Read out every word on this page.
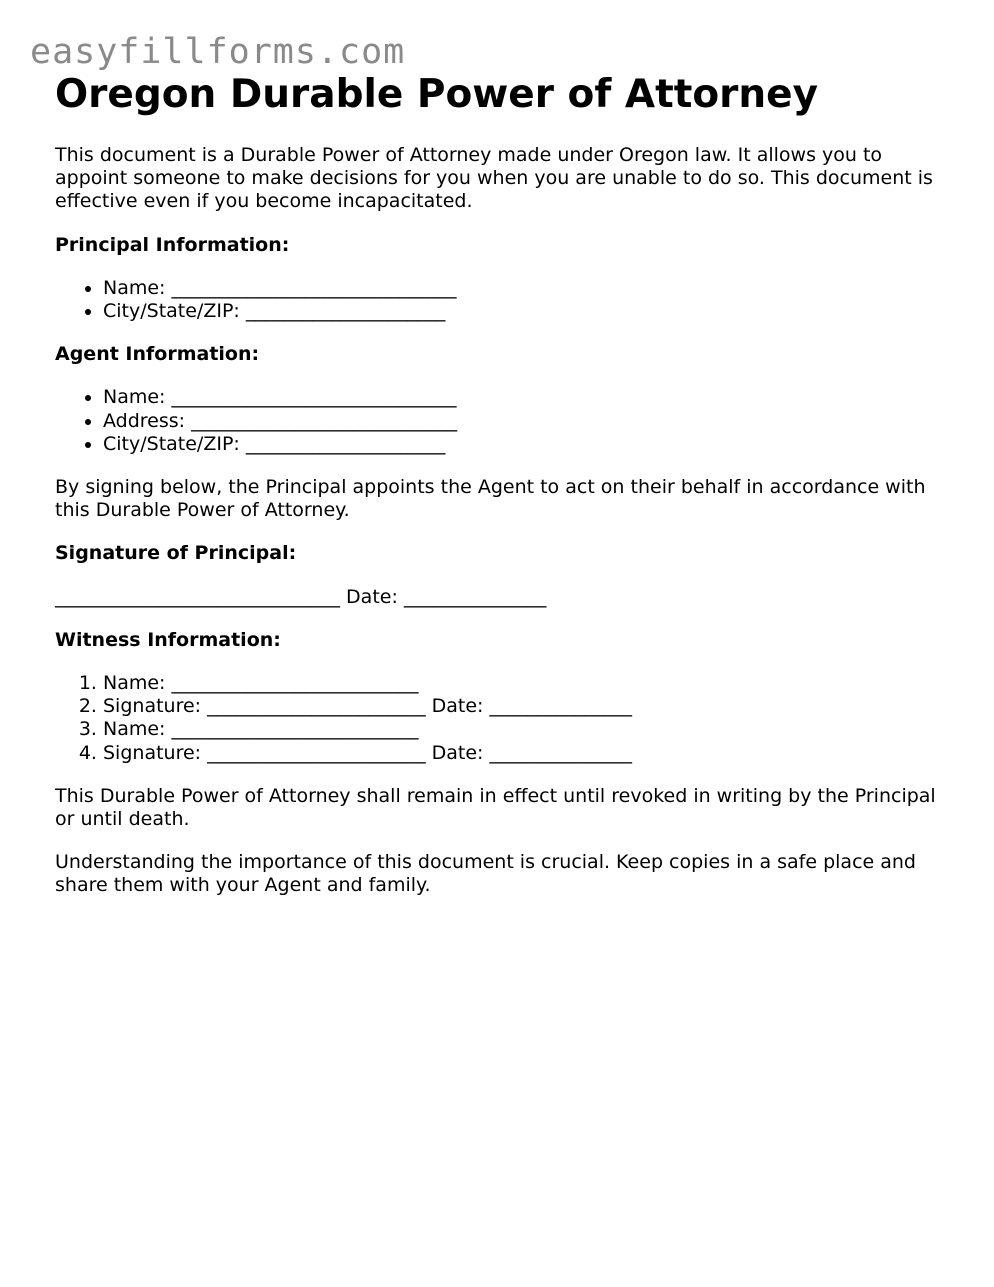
easyfillforms.com
Oregon Durable Power of Attorney

This document is a Durable Power of Attorney made under Oregon law. It allows you to appoint someone to make decisions for you when you are unable to do so. This document is effective even if you become incapacitated.

Principal Information:

• Name: ______________________________
• City/State/ZIP: _____________________

Agent Information:

• Name: ______________________________
• Address: ____________________________
• City/State/ZIP: _____________________

By signing below, the Principal appoints the Agent to act on their behalf in accordance with this Durable Power of Attorney.

Signature of Principal:

______________________________ Date: _______________

Witness Information:

1. Name: __________________________
2. Signature: _______________________ Date: _______________
3. Name: __________________________
4. Signature: _______________________ Date: _______________

This Durable Power of Attorney shall remain in effect until revoked in writing by the Principal or until death.

Understanding the importance of this document is crucial. Keep copies in a safe place and share them with your Agent and family.
